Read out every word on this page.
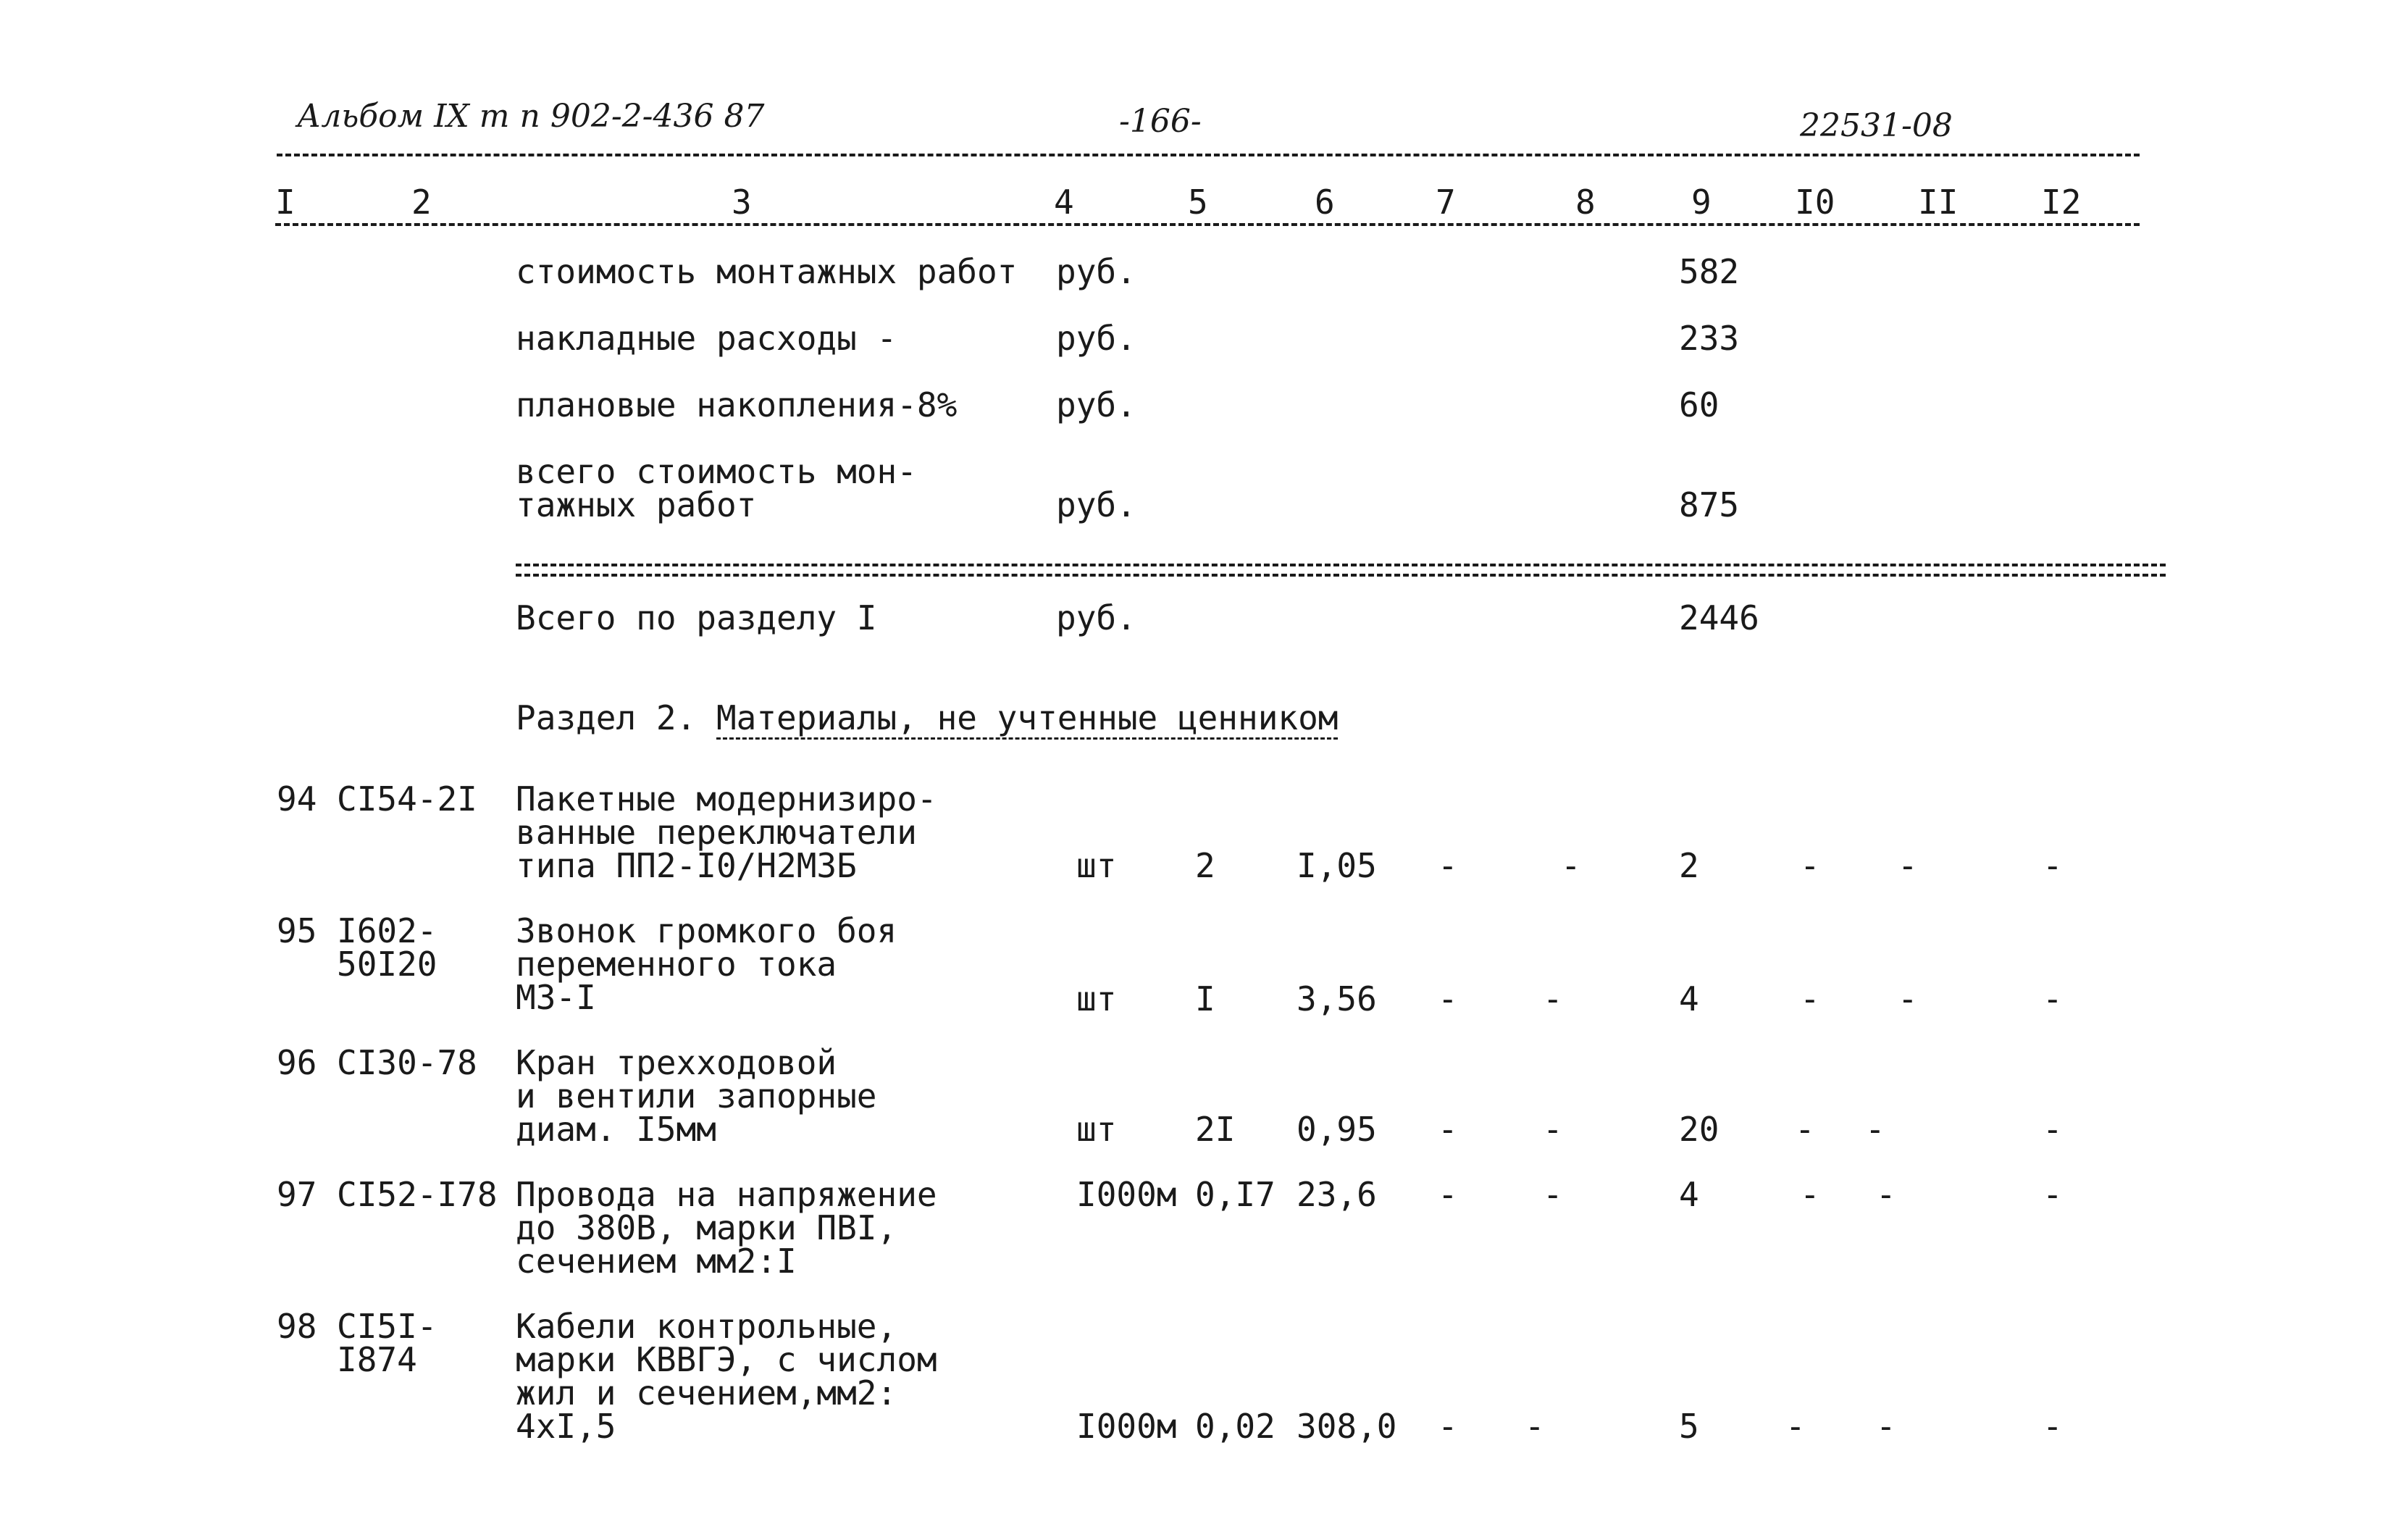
Альбом IX т п 902-2-436 87	-166-	22531-08
I	2	3	4	5	6	7	8	9	I0 II I2
стоимость монтажных работ руб.	582
накладные расходы -	руб.	233
плановые накопления-8%	руб.	60
всего стоимость мон-
тажных работ	руб.	875
Всего по разделу I	руб.	2446
Раздел 2. Материалы, не учтенные ценником
94 CI54-2I Пакетные модернизиро-
ванные переключатели
типа ПП2-I0/Н2М3Б	шт 2 I,05 -	-	2	- -	-
95 I602-
50I20
Звонок громкого боя
переменного тока
МЗ-I	шт I 3,56 -	-	4	- -	-
96 CI30-78 Кран трехходовой
и вентили запорные
диам. I5мм	шт 2I 0,95 -	-	20 - -	-
97 CI52-I78 Провода на напряжение
до 380В, марки ПВI,
сечением мм2:I
I000м 0,I7 23,6 -	-	4	- -	-
98 CI5I-
I874
Кабели контрольные,
марки КВВГЭ, с числом
жил и сечением,мм2:
4хI,5	I000м 0,02 308,0 - -	5	- -	-
